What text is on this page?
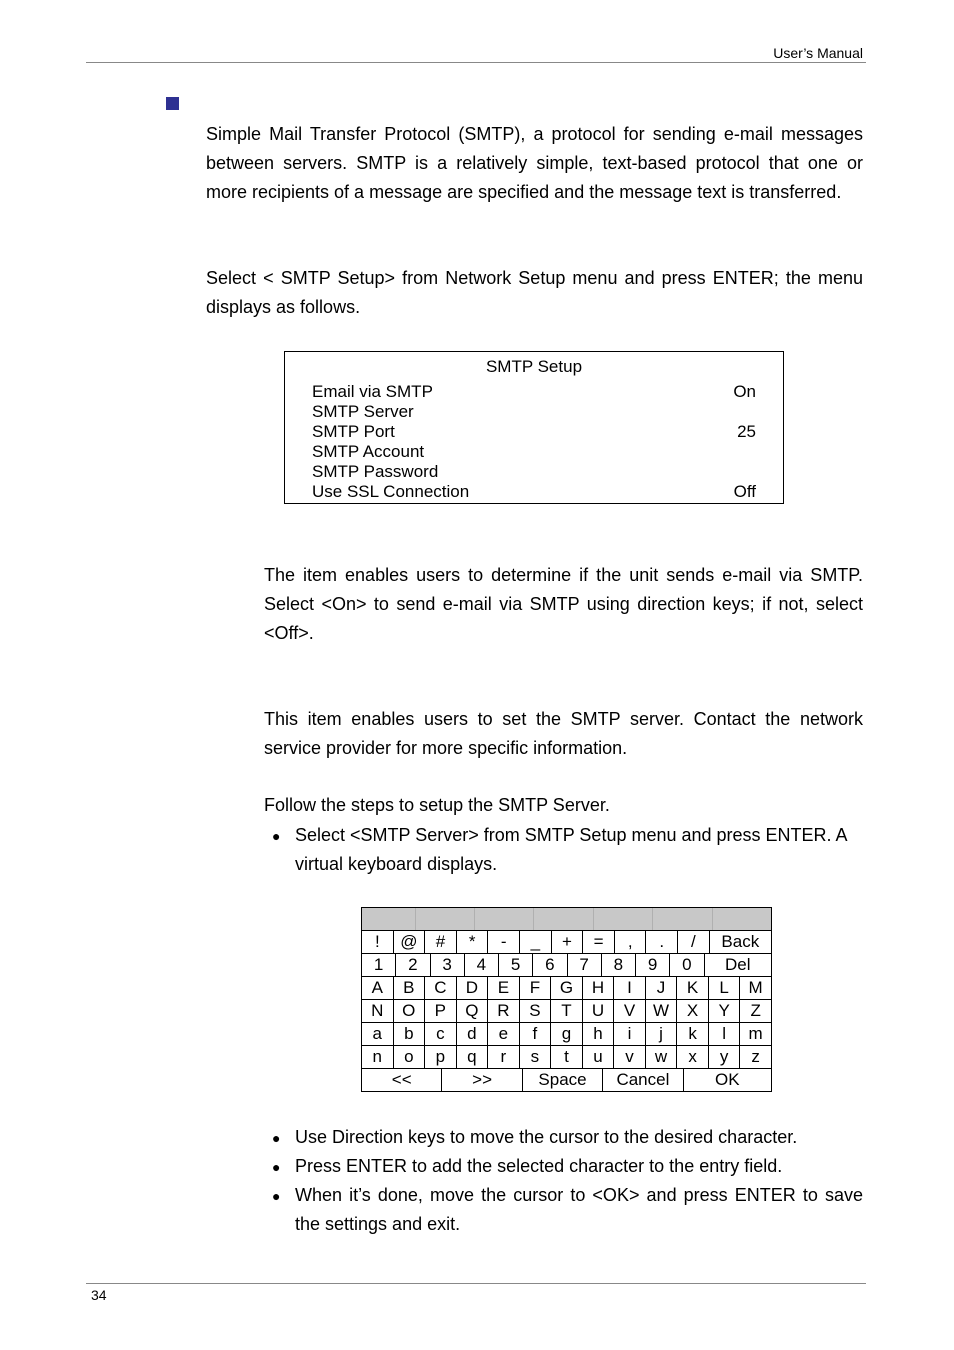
User’s Manual
Simple Mail Transfer Protocol (SMTP), a protocol for sending e-mail messages between servers. SMTP is a relatively simple, text-based protocol that one or more recipients of a message are specified and the message text is transferred.
Select < SMTP Setup> from Network Setup menu and press ENTER; the menu displays as follows.
SMTP Setup
Email via SMTP	On
SMTP Server
SMTP Port	25
SMTP Account
SMTP Password
Use SSL Connection	Off
The item enables users to determine if the unit sends e-mail via SMTP. Select <On> to send e-mail via SMTP using direction keys; if not, select <Off>.
This item enables users to set the SMTP server. Contact the network service provider for more specific information.
Follow the steps to setup the SMTP Server.
● Select <SMTP Server> from SMTP Setup menu and press ENTER. A virtual keyboard displays.
!	@	#	*	-	_	+	=	,	.	/	Back
1	2	3	4	5	6	7	8	9	0	Del
A	B	C	D	E	F	G	H	I	J	K	L	M
N	O	P	Q	R	S	T	U	V	W	X	Y	Z
a	b	c	d	e	f	g	h	i	j	k	l	m
n	o	p	q	r	s	t	u	v	w	x	y	z
<<	>>	Space	Cancel	OK
● Use Direction keys to move the cursor to the desired character.
● Press ENTER to add the selected character to the entry field.
● When it’s done, move the cursor to <OK> and press ENTER to save the settings and exit.
34
